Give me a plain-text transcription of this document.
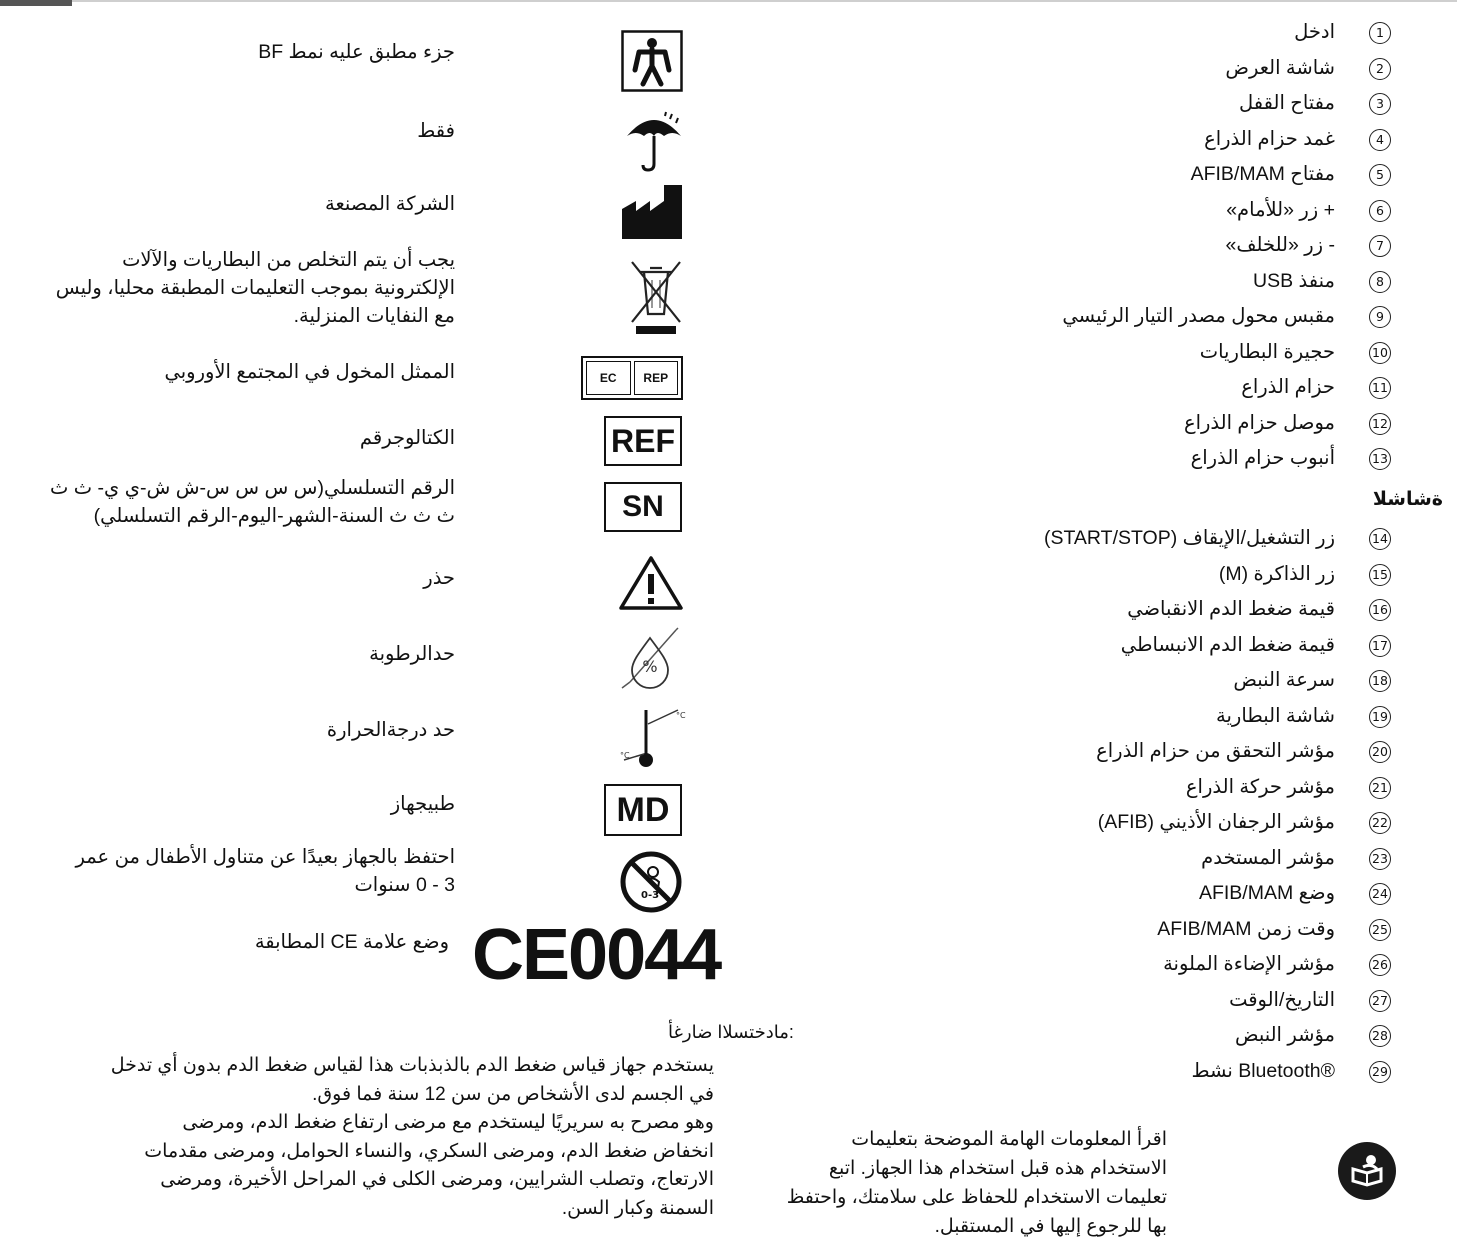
1
ادخل
2
شاشة العرض
3
مفتاح القفل
4
غمد حزام الذراع
5
مفتاح AFIB/MAM
6
+ زر «للأمام»
7
- زر «للخلف»
8
منفذ USB
9
مقبس محول مصدر التيار الرئيسي
10
حجيرة البطاريات
11
حزام الذراع
12
موصل حزام الذراع
13
أنبوب حزام الذراع
ةشاشلا
14
زر التشغيل/الإيقاف (START/STOP)
15
زر الذاكرة (M)
16
قيمة ضغط الدم الانقباضي
17
قيمة ضغط الدم الانبساطي
18
سرعة النبض
19
شاشة البطارية
20
مؤشر التحقق من حزام الذراع
21
مؤشر حركة الذراع
22
مؤشر الرجفان الأذيني (AFIB)
23
مؤشر المستخدم
24
وضع AFIB/MAM
25
وقت زمن AFIB/MAM
26
مؤشر الإضاءة الملونة
27
التاريخ/الوقت
28
مؤشر النبض
29
®Bluetooth نشط
جزء مطبق عليه نمط BF
فقط
الشركة المصنعة
يجب أن يتم التخلص من البطاريات والآلات
الإلكترونية بموجب التعليمات المطبقة محليا، وليس
مع النفايات المنزلية.
EC	REP
الممثل المخول في المجتمع الأوروبي
REF
الكتالوجرقم
SN
الرقم التسلسلي(س س س س-ش ش-ي ي- ث ث
ث ث ث السنة-الشهر-اليوم-الرقم التسلسلي)
حذر
%
حدالرطوبة
°C
°C
حد درجةالحرارة
MD
طبيجهاز
0-3
احتفظ بالجهاز بعيدًا عن متناول الأطفال من عمر
3 - 0 سنوات
CE0044
وضع علامة CE المطابقة
:مادختسلاا ضارغأ
يستخدم جهاز قياس ضغط الدم بالذبذبات هذا لقياس ضغط الدم بدون أي تدخل
في الجسم لدى الأشخاص من سن 12 سنة فما فوق.
وهو مصرح به سريريًا ليستخدم مع مرضى ارتفاع ضغط الدم، ومرضى
انخفاض ضغط الدم، ومرضى السكري، والنساء الحوامل، ومرضى مقدمات
الارتعاج، وتصلب الشرايين، ومرضى الكلى في المراحل الأخيرة، ومرضى
السمنة وكبار السن.
اقرأ المعلومات الهامة الموضحة بتعليمات
الاستخدام هذه قبل استخدام هذا الجهاز. اتبع
تعليمات الاستخدام للحفاظ على سلامتك، واحتفظ
بها للرجوع إليها في المستقبل.
